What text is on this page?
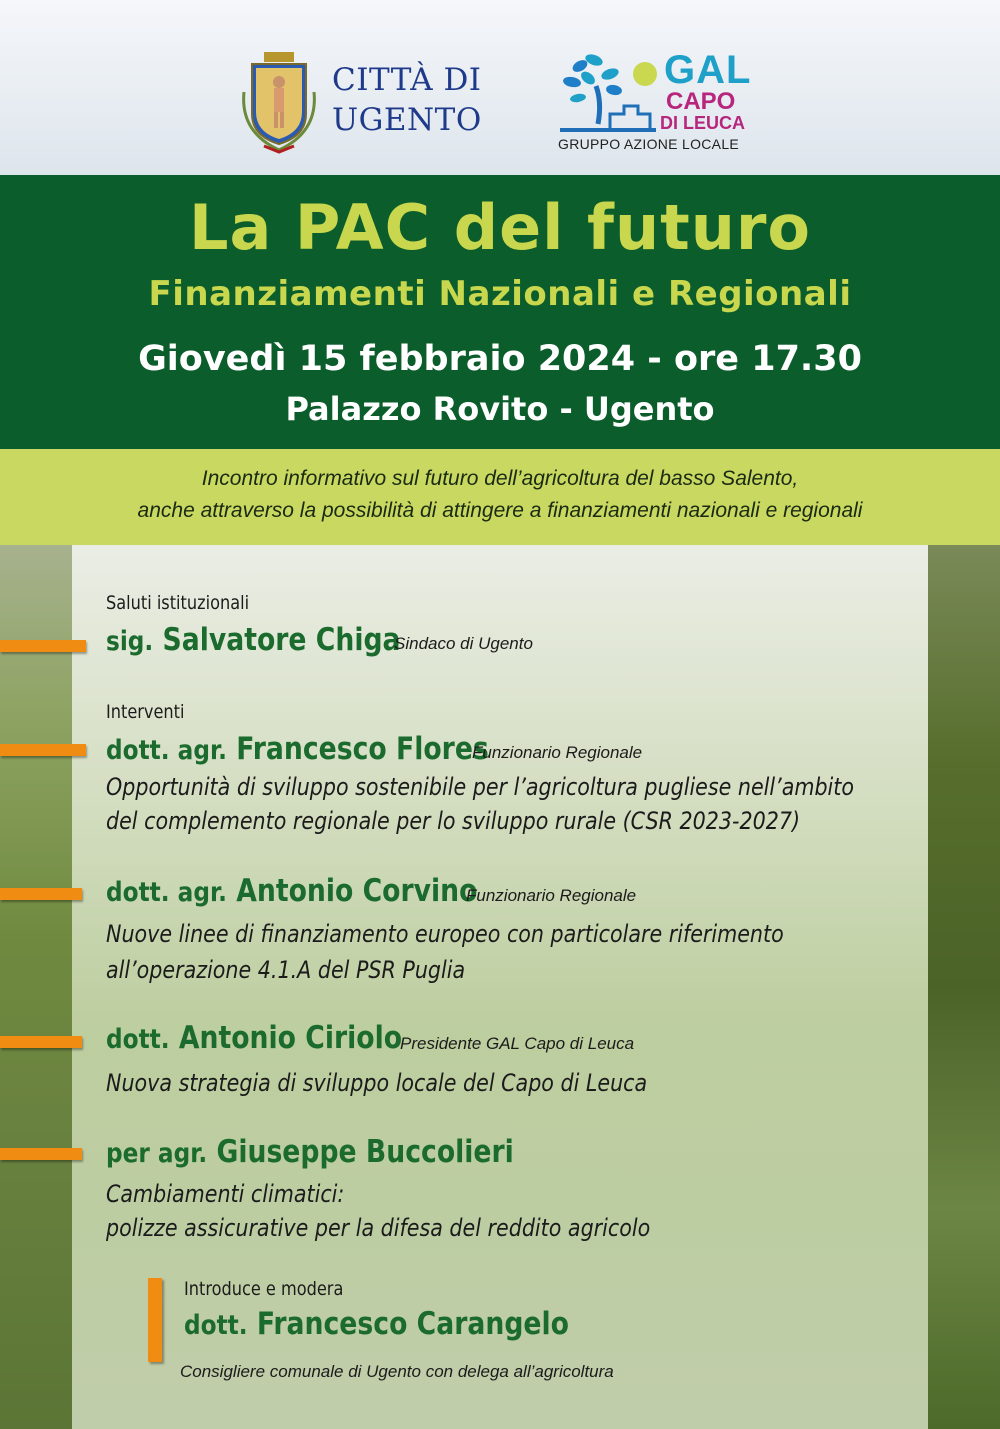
CITTÀ DI
UGENTO
GAL
CAPO
DI LEUCA
GRUPPO AZIONE LOCALE
La PAC del futuro
Finanziamenti Nazionali e Regionali
Giovedì 15 febbraio 2024 - ore 17.30
Palazzo Rovito - Ugento

Incontro informativo sul futuro dell’agricoltura del basso Salento,

anche attraverso la possibilità di attingere a finanziamenti nazionali e regionali

Saluti istituzionali
sig. Salvatore Chiga
Sindaco di Ugento
Interventi
dott. agr. Francesco Flores
Funzionario Regionale
Opportunità di sviluppo sostenibile per l’agricoltura pugliese nell’ambito
del complemento regionale per lo sviluppo rurale (CSR 2023-2027)
dott. agr. Antonio Corvino
Funzionario Regionale
Nuove linee di finanziamento europeo con particolare riferimento
all’operazione 4.1.A del PSR Puglia
dott. Antonio Ciriolo
Presidente GAL Capo di Leuca
Nuova strategia di sviluppo locale del Capo di Leuca
per agr. Giuseppe Buccolieri
Cambiamenti climatici:
polizze assicurative per la difesa del reddito agricolo
Introduce e modera
dott. Francesco Carangelo
Consigliere comunale di Ugento con delega all’agricoltura
